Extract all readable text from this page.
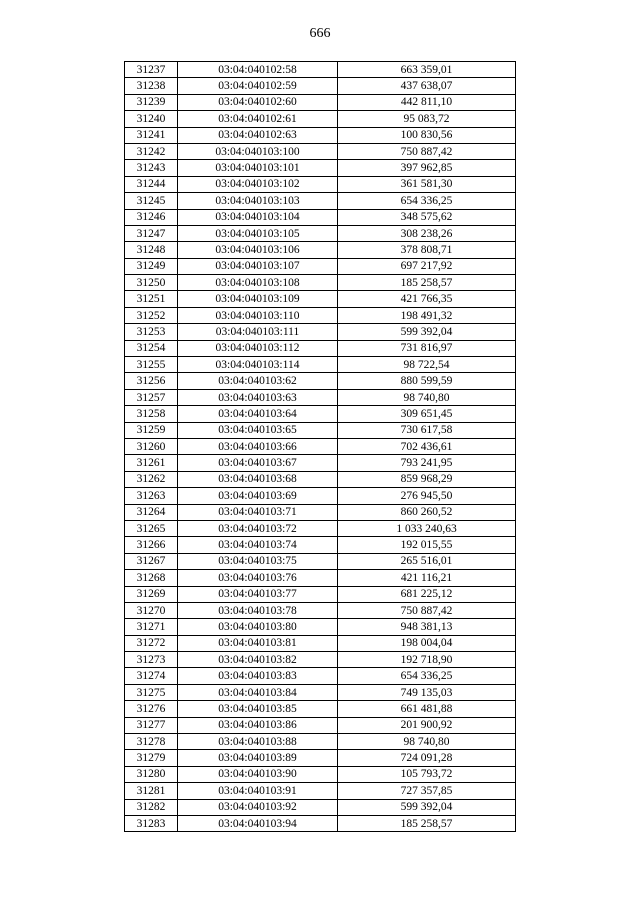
666
31237	03:04:040102:58	663 359,01
31238	03:04:040102:59	437 638,07
31239	03:04:040102:60	442 811,10
31240	03:04:040102:61	95 083,72
31241	03:04:040102:63	100 830,56
31242	03:04:040103:100	750 887,42
31243	03:04:040103:101	397 962,85
31244	03:04:040103:102	361 581,30
31245	03:04:040103:103	654 336,25
31246	03:04:040103:104	348 575,62
31247	03:04:040103:105	308 238,26
31248	03:04:040103:106	378 808,71
31249	03:04:040103:107	697 217,92
31250	03:04:040103:108	185 258,57
31251	03:04:040103:109	421 766,35
31252	03:04:040103:110	198 491,32
31253	03:04:040103:111	599 392,04
31254	03:04:040103:112	731 816,97
31255	03:04:040103:114	98 722,54
31256	03:04:040103:62	880 599,59
31257	03:04:040103:63	98 740,80
31258	03:04:040103:64	309 651,45
31259	03:04:040103:65	730 617,58
31260	03:04:040103:66	702 436,61
31261	03:04:040103:67	793 241,95
31262	03:04:040103:68	859 968,29
31263	03:04:040103:69	276 945,50
31264	03:04:040103:71	860 260,52
31265	03:04:040103:72	1 033 240,63
31266	03:04:040103:74	192 015,55
31267	03:04:040103:75	265 516,01
31268	03:04:040103:76	421 116,21
31269	03:04:040103:77	681 225,12
31270	03:04:040103:78	750 887,42
31271	03:04:040103:80	948 381,13
31272	03:04:040103:81	198 004,04
31273	03:04:040103:82	192 718,90
31274	03:04:040103:83	654 336,25
31275	03:04:040103:84	749 135,03
31276	03:04:040103:85	661 481,88
31277	03:04:040103:86	201 900,92
31278	03:04:040103:88	98 740,80
31279	03:04:040103:89	724 091,28
31280	03:04:040103:90	105 793,72
31281	03:04:040103:91	727 357,85
31282	03:04:040103:92	599 392,04
31283	03:04:040103:94	185 258,57
